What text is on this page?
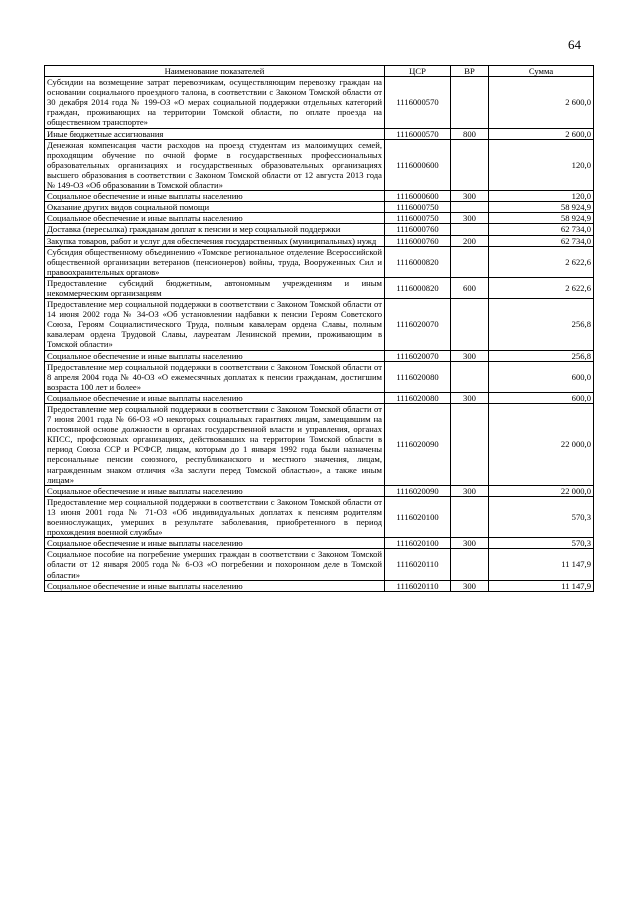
64
Наименование показателей	ЦСР	ВР	Сумма
Субсидии на возмещение затрат перевозчикам, осуществляющим перевозку граждан на основании социального проездного талона, в соответствии с Законом Томской области от 30 декабря 2014 года № 199-ОЗ «О мерах социальной поддержки отдельных категорий граждан, проживающих на территории Томской области, по оплате проезда на общественном транспорте»	1116000570		2 600,0
Иные бюджетные ассигнования	1116000570	800	2 600,0
Денежная компенсация части расходов на проезд студентам из малоимущих семей, проходящим обучение по очной форме в государственных профессиональных образовательных организациях и государственных образовательных организациях высшего образования в соответствии с Законом Томской области от 12 августа 2013 года № 149-ОЗ «Об образовании в Томской области»	1116000600		120,0
Социальное обеспечение и иные выплаты населению	1116000600	300	120,0
Оказание других видов социальной помощи	1116000750		58 924,9
Социальное обеспечение и иные выплаты населению	1116000750	300	58 924,9
Доставка (пересылка) гражданам доплат к пенсии и мер социальной поддержки	1116000760		62 734,0
Закупка товаров, работ и услуг для обеспечения государственных (муниципальных) нужд	1116000760	200	62 734,0
Субсидия общественному объединению «Томское региональное отделение Всероссийской общественной организации ветеранов (пенсионеров) войны, труда, Вооруженных Сил и правоохранительных органов»	1116000820		2 622,6
Предоставление субсидий бюджетным, автономным учреждениям и иным некоммерческим организациям	1116000820	600	2 622,6
Предоставление мер социальной поддержки в соответствии с Законом Томской области от 14 июня 2002 года № 34-ОЗ «Об установлении надбавки к пенсии Героям Советского Союза, Героям Социалистического Труда, полным кавалерам ордена Славы, полным кавалерам ордена Трудовой Славы, лауреатам Ленинской премии, проживающим в Томской области»	1116020070		256,8
Социальное обеспечение и иные выплаты населению	1116020070	300	256,8
Предоставление мер социальной поддержки в соответствии с Законом Томской области от 8 апреля 2004 года № 40-ОЗ «О ежемесячных доплатах к пенсии гражданам, достигшим возраста 100 лет и более»	1116020080		600,0
Социальное обеспечение и иные выплаты населению	1116020080	300	600,0
Предоставление мер социальной поддержки в соответствии с Законом Томской области от 7 июня 2001 года № 66-ОЗ «О некоторых социальных гарантиях лицам, замещавшим на постоянной основе должности в органах государственной власти и управления, органах КПСС, профсоюзных организациях, действовавших на территории Томской области в период Союза ССР и РСФСР, лицам, которым до 1 января 1992 года были назначены персональные пенсии союзного, республиканского и местного значения, лицам, награжденным знаком отличия «За заслуги перед Томской областью», а также иным лицам»	1116020090		22 000,0
Социальное обеспечение и иные выплаты населению	1116020090	300	22 000,0
Предоставление мер социальной поддержки в соответствии с Законом Томской области от 13 июня 2001 года № 71-ОЗ «Об индивидуальных доплатах к пенсиям родителям военнослужащих, умерших в результате заболевания, приобретенного в период прохождения военной службы»	1116020100		570,3
Социальное обеспечение и иные выплаты населению	1116020100	300	570,3
Социальное пособие на погребение умерших граждан в соответствии с Законом Томской области от 12 января 2005 года № 6-ОЗ «О погребении и похоронном деле в Томской области»	1116020110		11 147,9
Социальное обеспечение и иные выплаты населению	1116020110	300	11 147,9
